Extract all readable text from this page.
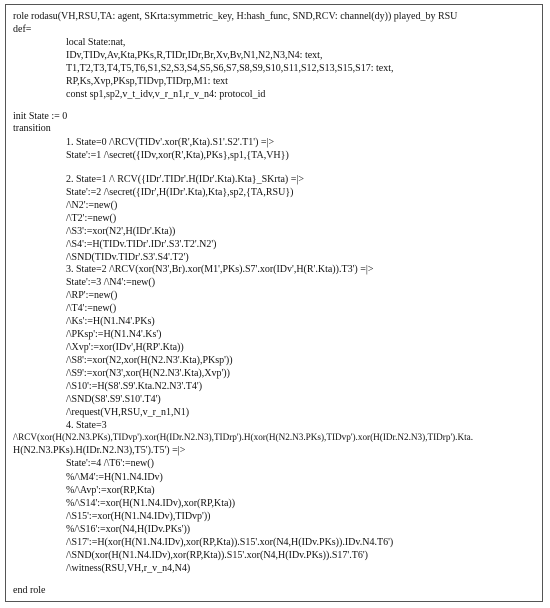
role rodasu(VH,RSU,TA: agent, SKrta:symmetric_key, H:hash_func, SND,RCV: channel(dy)) played_by RSU
def=
local State:nat,
IDv,TIDv,Av,Kta,PKs,R,TIDr,IDr,Br,Xv,Bv,N1,N2,N3,N4: text,
T1,T2,T3,T4,T5,T6,S1,S2,S3,S4,S5,S6,S7,S8,S9,S10,S11,S12,S13,S15,S17: text,
RP,Ks,Xvp,PKsp,TIDvp,TIDrp,M1: text
const sp1,sp2,v_t_idv,v_r_n1,r_v_n4: protocol_id
init State := 0
transition
1. State=0 /\RCV(TIDv'.xor(R',Kta).S1'.S2'.T1') =|>
State':=1 /\secret({IDv,xor(R',Kta),PKs},sp1,{TA,VH})
2. State=1 /\ RCV({IDr'.TIDr'.H(IDr'.Kta).Kta}_SKrta) =|>
State':=2 /\secret({IDr',H(IDr'.Kta),Kta},sp2,{TA,RSU})
/\N2':=new()
/\T2':=new()
/\S3':=xor(N2',H(IDr'.Kta))
/\S4':=H(TIDv.TIDr'.IDr'.S3'.T2'.N2')
/\SND(TIDv.TIDr'.S3'.S4'.T2')
3. State=2 /\RCV(xor(N3',Br).xor(M1',PKs).S7'.xor(IDv',H(R'.Kta)).T3') =|>
State':=3 /\N4':=new()
/\RP':=new()
/\T4':=new()
/\Ks':=H(N1.N4'.PKs)
/\PKsp':=H(N1.N4'.Ks')
/\Xvp':=xor(IDv',H(RP'.Kta))
/\S8':=xor(N2,xor(H(N2.N3'.Kta),PKsp'))
/\S9':=xor(N3',xor(H(N2.N3'.Kta),Xvp'))
/\S10':=H(S8'.S9'.Kta.N2.N3'.T4')
/\SND(S8'.S9'.S10'.T4')
/\request(VH,RSU,v_r_n1,N1)
4. State=3
/\RCV(xor(H(N2.N3.PKs),TIDvp').xor(H(IDr.N2.N3),TIDrp').H(xor(H(N2.N3.PKs),TIDvp').xor(H(IDr.N2.N3),TIDrp').Kta.
H(N2.N3.PKs).H(IDr.N2.N3),T5').T5') =|>
State':=4 /\T6':=new()
%/\M4':=H(N1.N4.IDv)
%/\Avp':=xor(RP,Kta)
%/\S14':=xor(H(N1.N4.IDv),xor(RP,Kta))
/\S15':=xor(H(N1.N4.IDv),TIDvp'))
%/\S16':=xor(N4,H(IDv.PKs'))
/\S17':=H(xor(H(N1.N4.IDv),xor(RP,Kta)).S15'.xor(N4,H(IDv.PKs)).IDv.N4.T6')
/\SND(xor(H(N1.N4.IDv),xor(RP,Kta)).S15'.xor(N4,H(IDv.PKs)).S17'.T6')
/\witness(RSU,VH,r_v_n4,N4)
end role
